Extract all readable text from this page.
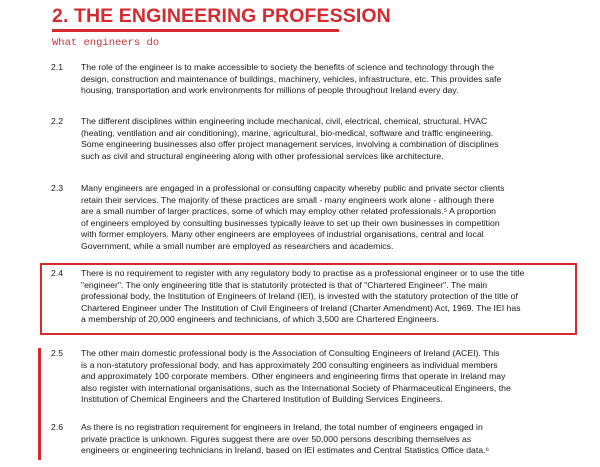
2. THE ENGINEERING PROFESSION
What engineers do
2.1 The role of the engineer is to make accessible to society the benefits of science and technology through the
design, construction and maintenance of buildings, machinery, vehicles, infrastructure, etc. This provides safe
housing, transportation and work environments for millions of people throughout Ireland every day.
2.2 The different disciplines within engineering include mechanical, civil, electrical, chemical, structural, HVAC
(heating, ventilation and air conditioning), marine, agricultural, bio-medical, software and traffic engineering.
Some engineering businesses also offer project management services, involving a combination of disciplines
such as civil and structural engineering along with other professional services like architecture.
2.3 Many engineers are engaged in a professional or consulting capacity whereby public and private sector clients
retain their services. The majority of these practices are small - many engineers work alone - although there
are a small number of larger practices, some of which may employ other related professionals.⁵ A proportion
of engineers employed by consulting businesses typically leave to set up their own businesses in competition
with former employers. Many other engineers are employees of industrial organisations, central and local
Government, while a small number are employed as researchers and academics.
2.4 There is no requirement to register with any regulatory body to practise as a professional engineer or to use the title
"engineer". The only engineering title that is statutorily protected is that of "Chartered Engineer". The main
professional body, the Institution of Engineers of Ireland (IEI), is invested with the statutory protection of the title of
Chartered Engineer under The Institution of Civil Engineers of Ireland (Charter Amendment) Act, 1969. The IEI has
a membership of 20,000 engineers and technicians, of which 3,500 are Chartered Engineers.
2.5 The other main domestic professional body is the Association of Consulting Engineers of Ireland (ACEI). This
is a non-statutory professional body, and has approximately 200 consulting engineers as individual members
and approximately 100 corporate members. Other engineers and engineering firms that operate in Ireland may
also register with international organisations, such as the International Society of Pharmaceutical Engineers, the
Institution of Chemical Engineers and the Chartered Institution of Building Services Engineers.
2.6 As there is no registration requirement for engineers in Ireland, the total number of engineers engaged in
private practice is unknown. Figures suggest there are over 50,000 persons describing themselves as
engineers or engineering technicians in Ireland, based on IEI estimates and Central Statistics Office data.⁶
